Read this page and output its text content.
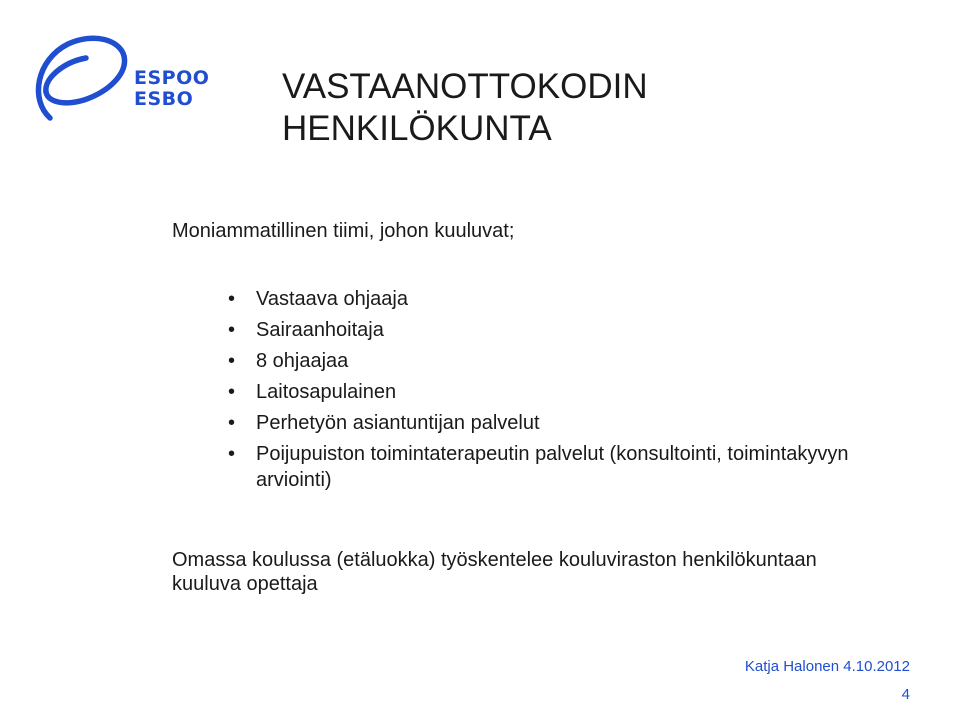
ESPOO
ESBO	VASTAANOTTOKODIN
HENKILÖKUNTA

Moniammatillinen tiimi, johon kuuluvat;

•	Vastaava ohjaaja
•	Sairaanhoitaja
•	8 ohjaajaa
•	Laitosapulainen
•	Perhetyön asiantuntijan palvelut
•	Poijupuiston toimintaterapeutin palvelut (konsultointi, toimintakyvyn arviointi)

Omassa koulussa (etäluokka) työskentelee kouluviraston henkilökuntaan kuuluva opettaja

Katja Halonen 4.10.2012
4
